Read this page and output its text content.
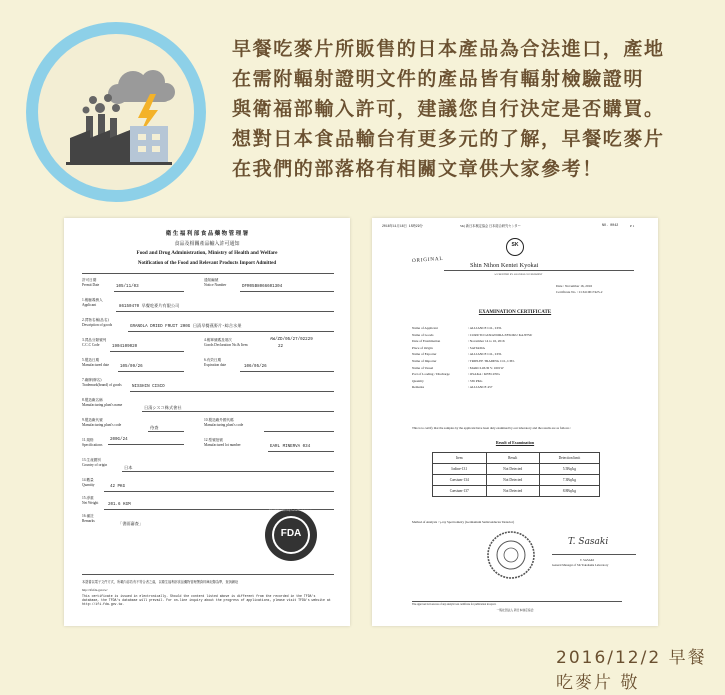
早餐吃麥片所販售的日本產品為合法進口，產地

在需附輻射證明文件的產品皆有輻射檢驗證明

與衛福部輸入許可，建議您自行決定是否購買。

想對日本食品輸台有更多元的了解，早餐吃麥片

在我們的部落格有相關文章供大家參考！

衛 生 福 利 部 食 品 藥 物 管 理 署
食品及相關產品輸入許可通知
Food and Drug Administration, Ministry of Health and Welfare
Notification of the Food and Relevant Products Import Admitted
許可日期
Permit Date	105/11/03
通知編號
Notice Number	DFR05B8066601304
1.報驗義務人
Applicant	86150470 早餐吃麥片有限公司
2.貨物名稱(品名)
Description of goods	GRANOLA DRIED FRUIT 200G 日清早餐燕麥片-綜合水果
3.貨品分類號列
C.C.C Code	1904109020
4.報單號碼及項次
Goods Declaration No.& Item
AW/ZD/05/27/02229
22
5.製造日期
Manufactured date	105/09/26
6.有效日期
Expiration date	106/05/26
7.廠牌(牌名)
Trademark(brand) of goods NISSHIN CISCO
8.製造廠名稱
Manufacturing plant's name	日清シスコ株式會社
9.製造廠代號
Manufacturing plant's code	待查
10.製造廠外國代碼
Manufacturing plant's code
11.規格
Specifications
200G/24	12.型號批號
Manufactured lot number	EARL MINERVA 034
13.生產國別
Country of origin	日本
14.數量
Quantity	42 PKG
15.淨重
Net Weight 201.6 KGM
16.備註
Remarks	「書面審查」
FDA
衛生福利部食品藥物管理署 Food and Drug Administration
本證書以電子文件方式，所載內容若有不符合者之處，以衛生福利部食品藥物管理署資料庫紀錄為準，查詢網址
http://ifi.fda.gov.tw/
This certificate is issued in electronically. Should the content listed above is different from the recorded in the TFDA's database, the TFDA's database will prevail. For on-line inquiry about the progress of applications, please visit TFDA's website at http://ifi.fda.gov.tw.
2016年11月16日 15時29分	SK) 新日本検定協会 日本総合研究センター	NO. 0042	P 1
SK
ORIGINAL
Shin Nihon Kentei Kyokai
ACCREDITED BY JAPANESE GOVERNMENT
Date : November 16, 2016
Certificate No. : C16110017425-2
EXAMINATION CERTIFICATE
Name of Applicant	: ALLIANCE CO., LTD.
Name of Goods	: CORUTO GURANORA ZESOKU KAJITSU
Date of Examination	: November 14 to 16, 2016
Place of Origin	: SAITAMA
Name of Exporter	: ALLIANCE CO., LTD.
Name of Importer	: TRIPLEE TRADING CO., LTD.
Name of Vessel	: MARCLOUD V. 1601W
Port of Loading / Discharge	: OSAKA / KEELUNG
Quantity	: 336 PKG
Remarks	: ALLIANCE 457
This is to certify that the samples by the applicant have been duly examined by our laboratory and the results are as follows :
Result of Examination
Item	Result	Detection limit
Iodine-131	Not Detected	5.5Bq/kg
Caesium-134	Not Detected	7.3Bq/kg
Caesium-137	Not Detected	8.8Bq/kg
Method of Analysis : γ-ray Spectrometry (Germanium Semiconductor Detector)
T. Sasaki
T. SASAKI
General Manager of SK Yokohama Laboratory
The approved is in excess of any analytic test certificate for publication in report.
一般社団法人 新日本検定協会
2016/12/2 早餐吃麥片 敬
